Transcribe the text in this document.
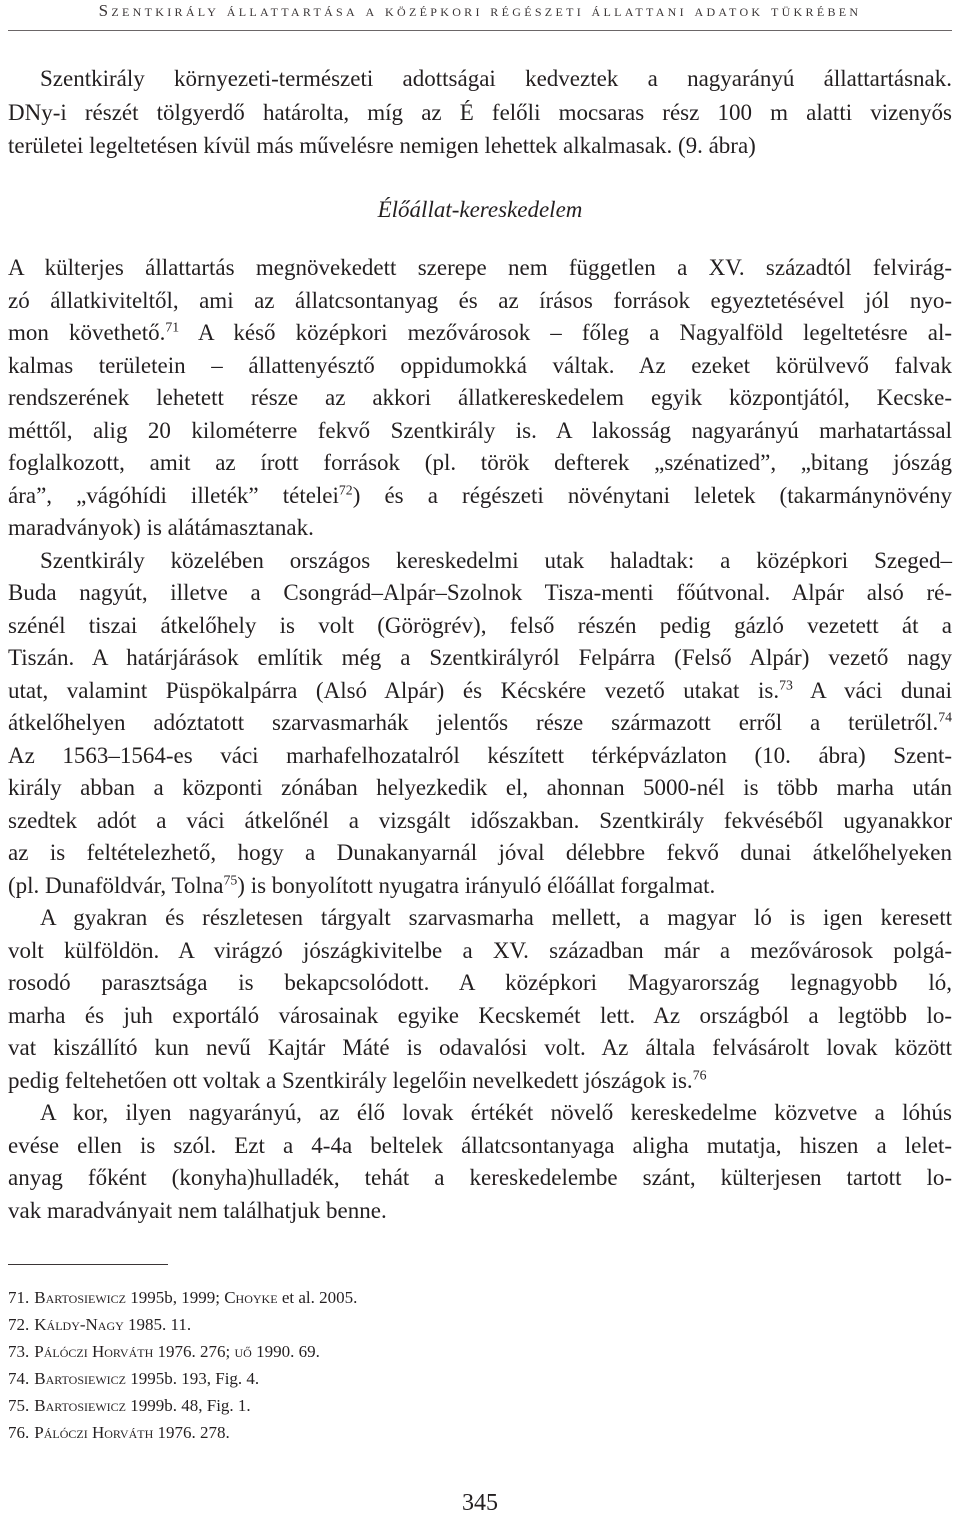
Szentkirály állattartása a középkori régészeti állattani adatok tükrében
Szentkirály környezeti-természeti adottságai kedveztek a nagyarányú állattartásnak.
DNy-i részét tölgyerdő határolta, míg az É felőli mocsaras rész 100 m alatti vizenyős
területei legeltetésen kívül más művelésre nemigen lehettek alkalmasak. (9. ábra)
Élőállat-kereskedelem
A külterjes állattartás megnövekedett szerepe nem független a XV. századtól felvirág-
zó állatkiviteltől, ami az állatcsontanyag és az írásos források egyeztetésével jól nyo-
mon követhető.$^{71}$ A késő középkori mezővárosok – főleg a Nagyalföld legeltetésre al-
kalmas területein – állattenyésztő oppidumokká váltak. Az ezeket körülvevő falvak
rendszerének lehetett része az akkori állatkereskedelem egyik központjától, Kecske-
méttől, alig 20 kilométerre fekvő Szentkirály is. A lakosság nagyarányú marhatartással
foglalkozott, amit az írott források (pl. török defterek „szénatized”, „bitang jószág
ára”, „vágóhídi illeték” tételei$^{72}$) és a régészeti növénytani leletek (takarmánynövény
maradványok) is alátámasztanak.
Szentkirály közelében országos kereskedelmi utak haladtak: a középkori Szeged–
Buda nagyút, illetve a Csongrád–Alpár–Szolnok Tisza-menti főútvonal. Alpár alsó ré-
szénél tiszai átkelőhely is volt (Görögrév), felső részén pedig gázló vezetett át a
Tiszán. A határjárások említik még a Szentkirályról Felpárra (Felső Alpár) vezető nagy
utat, valamint Püspökalpárra (Alsó Alpár) és Kécskére vezető utakat is.$^{73}$ A váci dunai
átkelőhelyen adóztatott szarvasmarhák jelentős része származott erről a területről.$^{74}$
Az 1563–1564-es váci marhafelhozatalról készített térképvázlaton (10. ábra) Szent-
király abban a központi zónában helyezkedik el, ahonnan 5000-nél is több marha után
szedtek adót a váci átkelőnél a vizsgált időszakban. Szentkirály fekvéséből ugyanakkor
az is feltételezhető, hogy a Dunakanyarnál jóval délebbre fekvő dunai átkelőhelyeken
(pl. Dunaföldvár, Tolna$^{75}$) is bonyolított nyugatra irányuló élőállat forgalmat.
A gyakran és részletesen tárgyalt szarvasmarha mellett, a magyar ló is igen keresett
volt külföldön. A virágzó jószágkivitelbe a XV. században már a mezővárosok polgá-
rosodó parasztsága is bekapcsolódott. A középkori Magyarország legnagyobb ló,
marha és juh exportáló városainak egyike Kecskemét lett. Az országból a legtöbb lo-
vat kiszállító kun nevű Kajtár Máté is odavalósi volt. Az általa felvásárolt lovak között
pedig feltehetően ott voltak a Szentkirály legelőin nevelkedett jószágok is.$^{76}$
A kor, ilyen nagyarányú, az élő lovak értékét növelő kereskedelme közvetve a lóhús
evése ellen is szól. Ezt a 4-4a beltelek állatcsontanyaga aligha mutatja, hiszen a lelet-
anyag főként (konyha)hulladék, tehát a kereskedelembe szánt, külterjesen tartott lo-
vak maradványait nem találhatjuk benne.
71. Bartosiewicz 1995b, 1999; Choyke et al. 2005.
72. Káldy-Nagy 1985. 11.
73. Pálóczi Horváth 1976. 276; uő 1990. 69.
74. Bartosiewicz 1995b. 193, Fig. 4.
75. Bartosiewicz 1999b. 48, Fig. 1.
76. Pálóczi Horváth 1976. 278.
345
